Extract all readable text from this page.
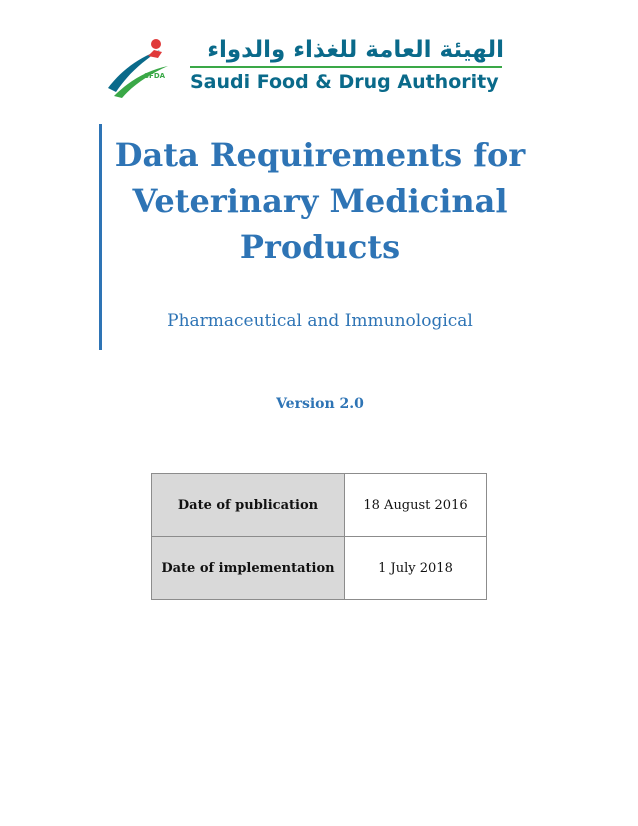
SFDA
الهيئة العامة للغذاء والدواء
Saudi Food & Drug Authority
Data Requirements for Veterinary Medicinal Products
Pharmaceutical and Immunological
Version 2.0
Date of publication	18 August 2016
Date of implementation	1 July 2018
